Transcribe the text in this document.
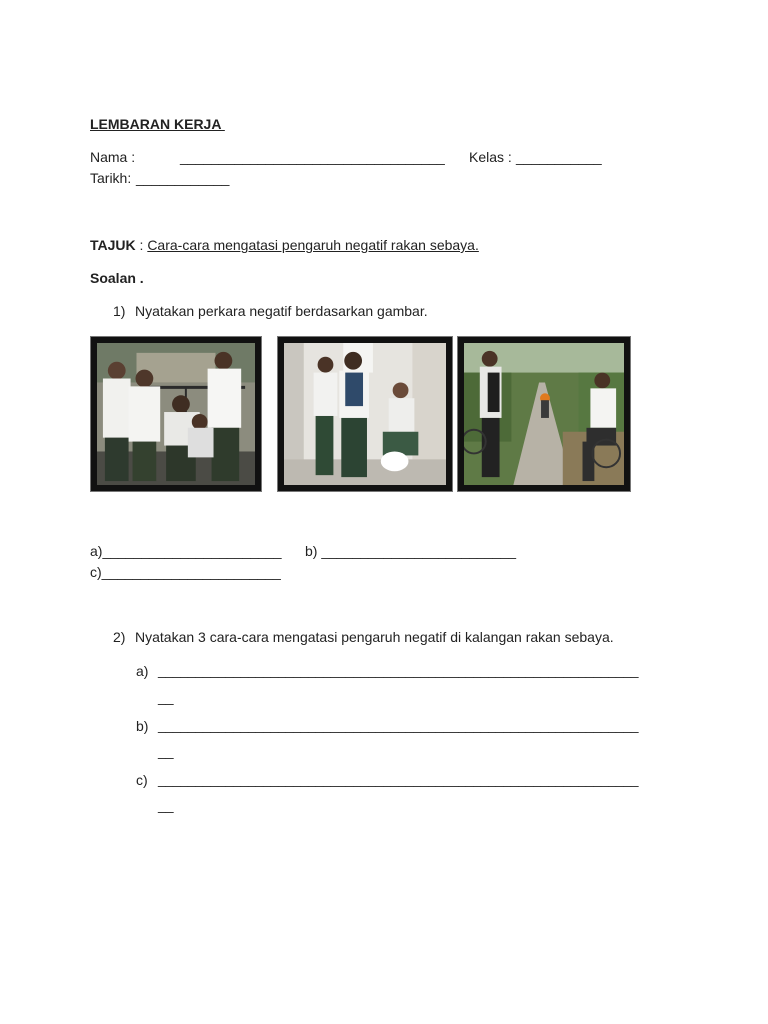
LEMBARAN KERJA
Nama :	__________________________________ Kelas : ___________
Tarikh: ____________
TAJUK : Cara-cara mengatasi pengaruh negatif rakan sebaya.
Soalan .
1) Nyatakan perkara negatif berdasarkan gambar.
a)_______________________ b) _________________________
c)_______________________
2) Nyatakan 3 cara-cara mengatasi pengaruh negatif di kalangan rakan sebaya.
a) ________________________________________________________________
__
b) ________________________________________________________________
__
c) ________________________________________________________________
__
